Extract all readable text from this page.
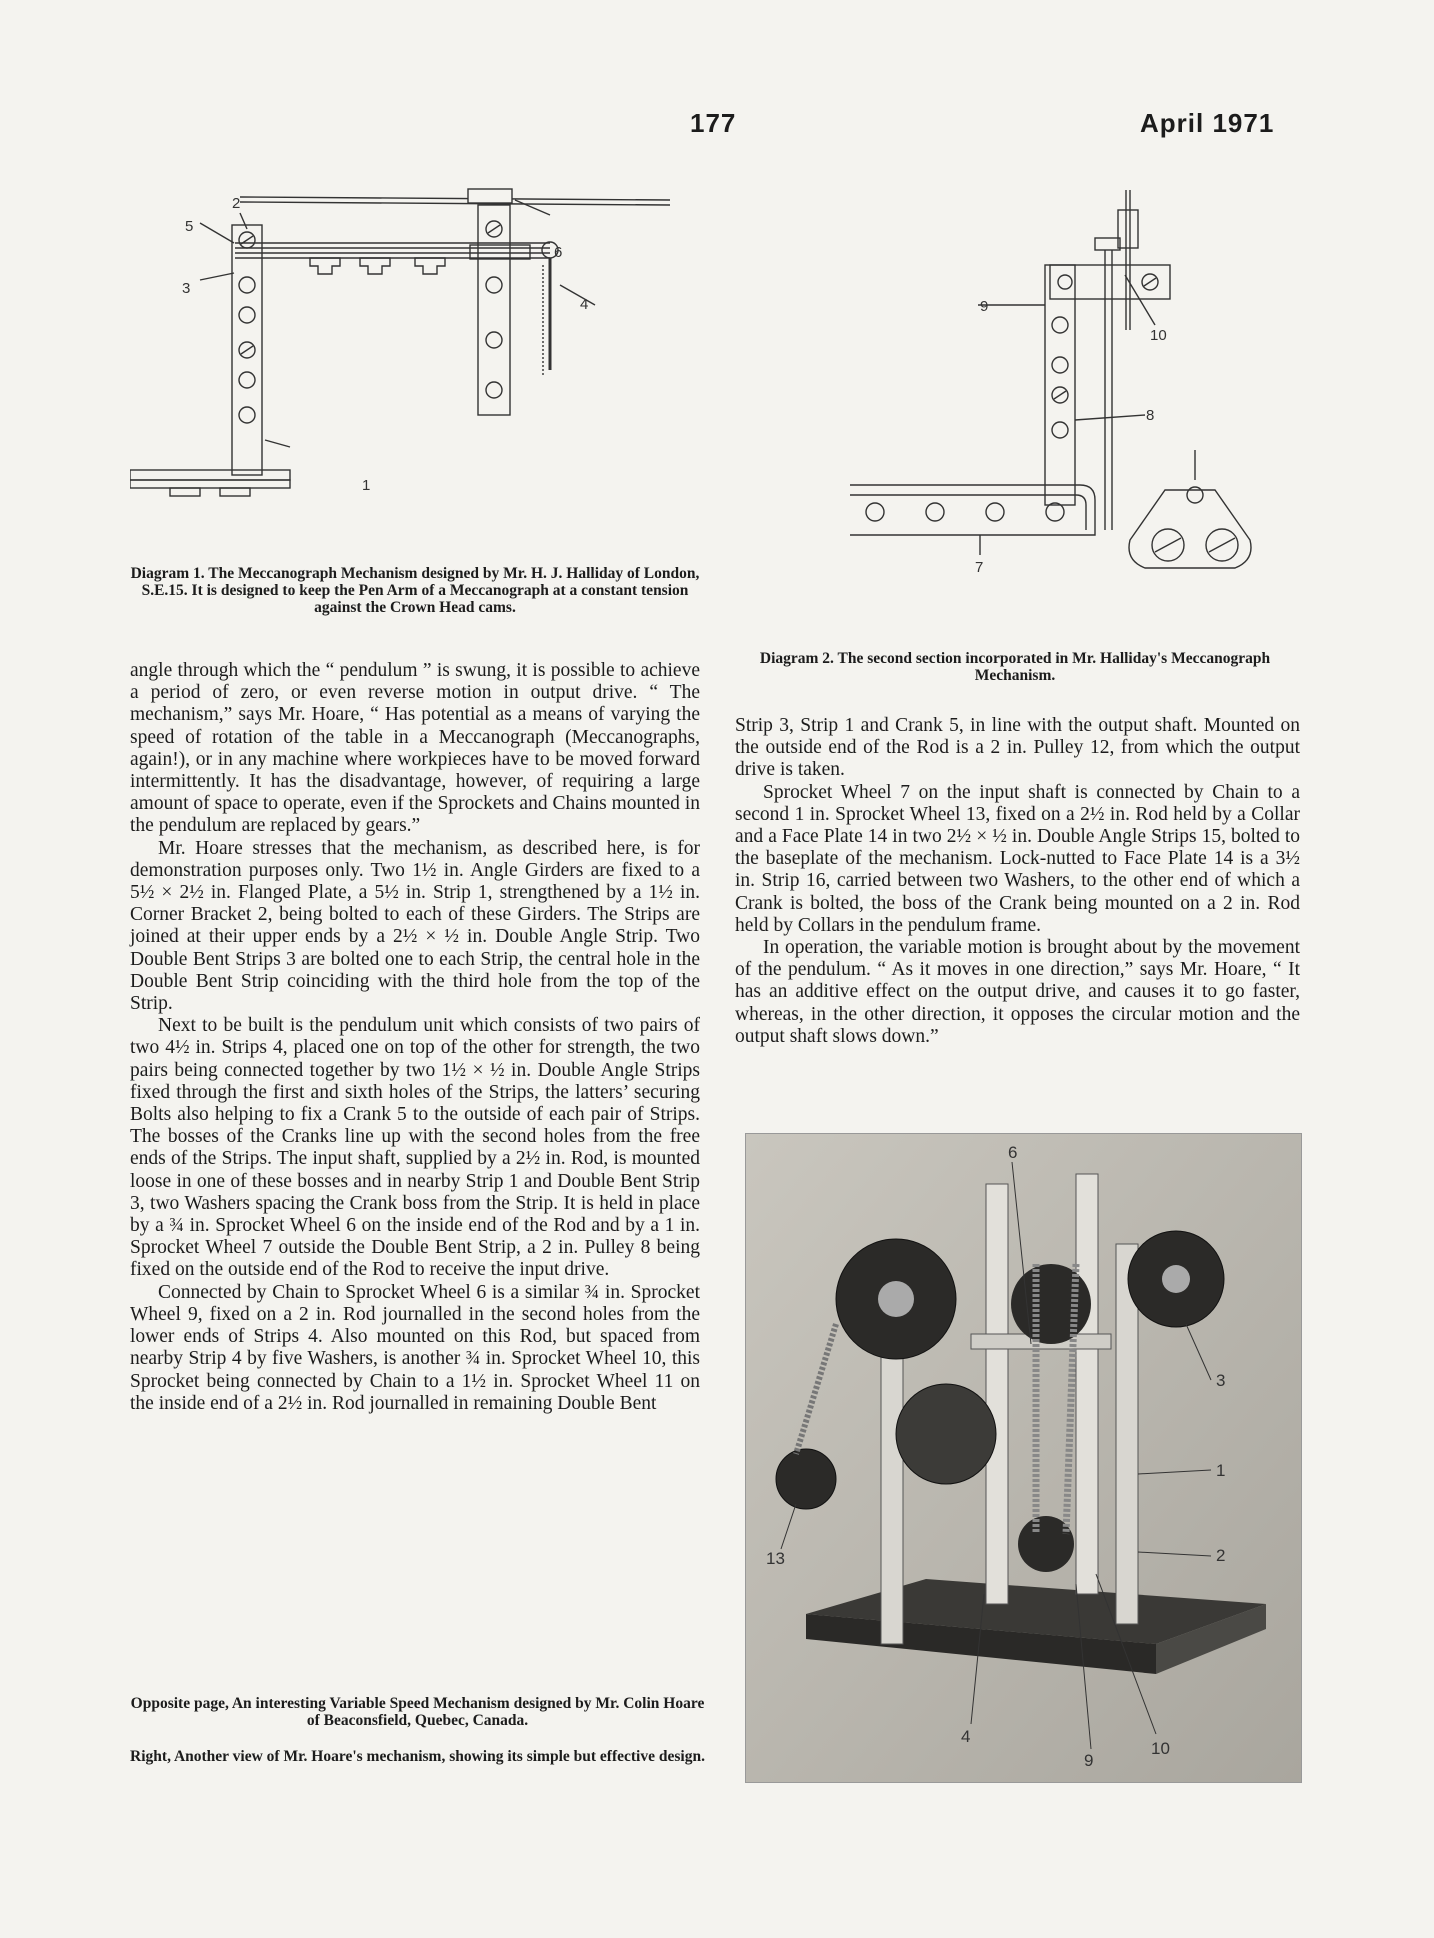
177	April 1971
2
5
3
6
4
1
Diagram 1. The Meccanograph Mechanism designed by Mr. H. J. Halliday of London, S.E.15. It is designed to keep the Pen Arm of a Meccanograph at a constant tension against the Crown Head cams.
9
10
8
7
Diagram 2. The second section incorporated in Mr. Halliday's Meccanograph Mechanism.

angle through which the “ pendulum ” is swung, it is possible to achieve a period of zero, or even reverse motion in output drive. “ The mechanism,” says Mr. Hoare, “ Has potential as a means of varying the speed of rotation of the table in a Meccanograph (Meccanographs, again!), or in any machine where workpieces have to be moved forward intermittently. It has the disadvantage, however, of requiring a large amount of space to operate, even if the Sprockets and Chains mounted in the pendulum are replaced by gears.”

Mr. Hoare stresses that the mechanism, as described here, is for demonstration purposes only. Two 1½ in. Angle Girders are fixed to a 5½ × 2½ in. Flanged Plate, a 5½ in. Strip 1, strengthened by a 1½ in. Corner Bracket 2, being bolted to each of these Girders. The Strips are joined at their upper ends by a 2½ × ½ in. Double Angle Strip. Two Double Bent Strips 3 are bolted one to each Strip, the central hole in the Double Bent Strip coinciding with the third hole from the top of the Strip.

Next to be built is the pendulum unit which consists of two pairs of two 4½ in. Strips 4, placed one on top of the other for strength, the two pairs being connected together by two 1½ × ½ in. Double Angle Strips fixed through the first and sixth holes of the Strips, the latters’ securing Bolts also helping to fix a Crank 5 to the outside of each pair of Strips. The bosses of the Cranks line up with the second holes from the free ends of the Strips. The input shaft, supplied by a 2½ in. Rod, is mounted loose in one of these bosses and in nearby Strip 1 and Double Bent Strip 3, two Washers spacing the Crank boss from the Strip. It is held in place by a ¾ in. Sprocket Wheel 6 on the inside end of the Rod and by a 1 in. Sprocket Wheel 7 outside the Double Bent Strip, a 2 in. Pulley 8 being fixed on the outside end of the Rod to receive the input drive.

Connected by Chain to Sprocket Wheel 6 is a similar ¾ in. Sprocket Wheel 9, fixed on a 2 in. Rod journalled in the second holes from the lower ends of Strips 4. Also mounted on this Rod, but spaced from nearby Strip 4 by five Washers, is another ¾ in. Sprocket Wheel 10, this Sprocket being connected by Chain to a 1½ in. Sprocket Wheel 11 on the inside end of a 2½ in. Rod journalled in remaining Double Bent

Opposite page, An interesting Variable Speed Mechanism designed by Mr. Colin Hoare of Beaconsfield, Quebec, Canada.
Right, Another view of Mr. Hoare's mechanism, showing its simple but effective design.

Strip 3, Strip 1 and Crank 5, in line with the output shaft. Mounted on the outside end of the Rod is a 2 in. Pulley 12, from which the output drive is taken.

Sprocket Wheel 7 on the input shaft is connected by Chain to a second 1 in. Sprocket Wheel 13, fixed on a 2½ in. Rod held by a Collar and a Face Plate 14 in two 2½ × ½ in. Double Angle Strips 15, bolted to the baseplate of the mechanism. Lock-nutted to Face Plate 14 is a 3½ in. Strip 16, carried between two Washers, to the other end of which a Crank is bolted, the boss of the Crank being mounted on a 2 in. Rod held by Collars in the pendulum frame.

In operation, the variable motion is brought about by the movement of the pendulum. “ As it moves in one direction,” says Mr. Hoare, “ It has an additive effect on the output drive, and causes it to go faster, whereas, in the other direction, it opposes the circular motion and the output shaft slows down.”

6
3
1
2
13
4
9
10
